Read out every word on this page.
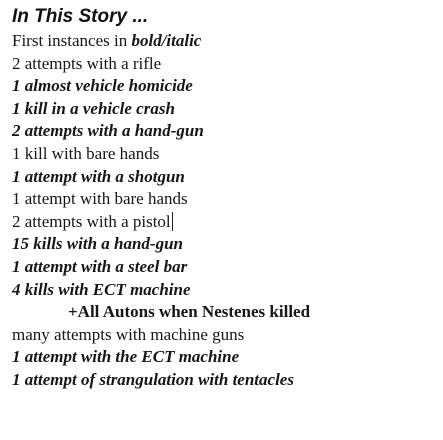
In This Story ...
First instances in bold/italic
2 attempts with a rifle
1 almost vehicle homicide
1 kill in a vehicle crash
2 attempts with a hand-gun
1 kill with bare hands
1 attempt with a shotgun
1 attempt with bare hands
2 attempts with a pistol
15 kills with a hand-gun
1 attempt with a steel bar
4 kills with ECT machine
+All Autons when Nestenes killed
many attempts with machine guns
1 attempt with the ECT machine
1 attempt of strangulation with tentacles
